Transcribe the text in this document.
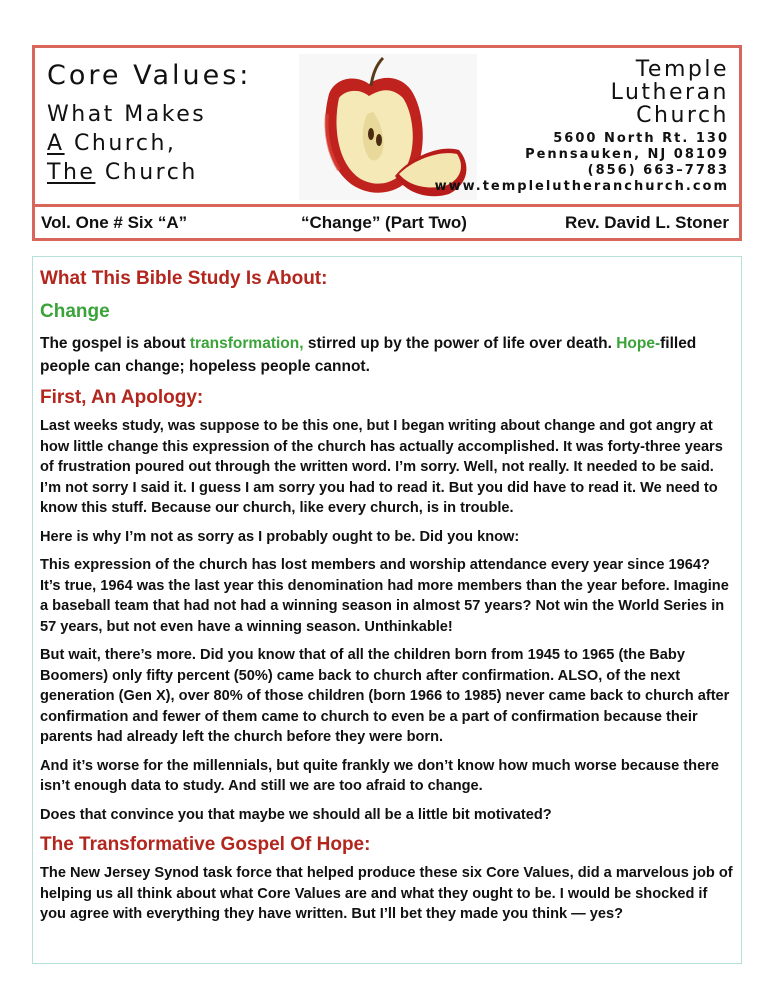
Core Values:
What Makes
A Church,
The Church
Temple
Lutheran
Church
5600 North Rt. 130
Pennsauken, NJ 08109
(856) 663–7783
www.templelutheranchurch.com
Vol. One # Six “A”	“Change” (Part Two)	Rev. David L. Stoner
What This Bible Study Is About:
Change

The gospel is about transformation, stirred up by the power of life over death. Hope-filled people can change; hopeless people cannot.

First, An Apology:

Last weeks study, was suppose to be this one, but I began writing about change and got angry at how little change this expression of the church has actually accomplished. It was forty-three years of frustration poured out through the written word. I’m sorry. Well, not really. It needed to be said. I’m not sorry I said it. I guess I am sorry you had to read it. But you did have to read it. We need to know this stuff. Because our church, like every church, is in trouble.

Here is why I’m not as sorry as I probably ought to be. Did you know:

This expression of the church has lost members and worship attendance every year since 1964? It’s true, 1964 was the last year this denomination had more members than the year before. Imagine a baseball team that had not had a winning season in almost 57 years? Not win the World Series in 57 years, but not even have a winning season. Unthinkable!

But wait, there’s more. Did you know that of all the children born from 1945 to 1965 (the Baby Boomers) only fifty percent (50%) came back to church after confirmation. ALSO, of the next generation (Gen X), over 80% of those children (born 1966 to 1985) never came back to church after confirmation and fewer of them came to church to even be a part of confirmation because their parents had already left the church before they were born.

And it’s worse for the millennials, but quite frankly we don’t know how much worse because there isn’t enough data to study. And still we are too afraid to change.

Does that convince you that maybe we should all be a little bit motivated?

The Transformative Gospel Of Hope:

The New Jersey Synod task force that helped produce these six Core Values, did a marvelous job of helping us all think about what Core Values are and what they ought to be. I would be shocked if you agree with everything they have written. But I’ll bet they made you think — yes?
